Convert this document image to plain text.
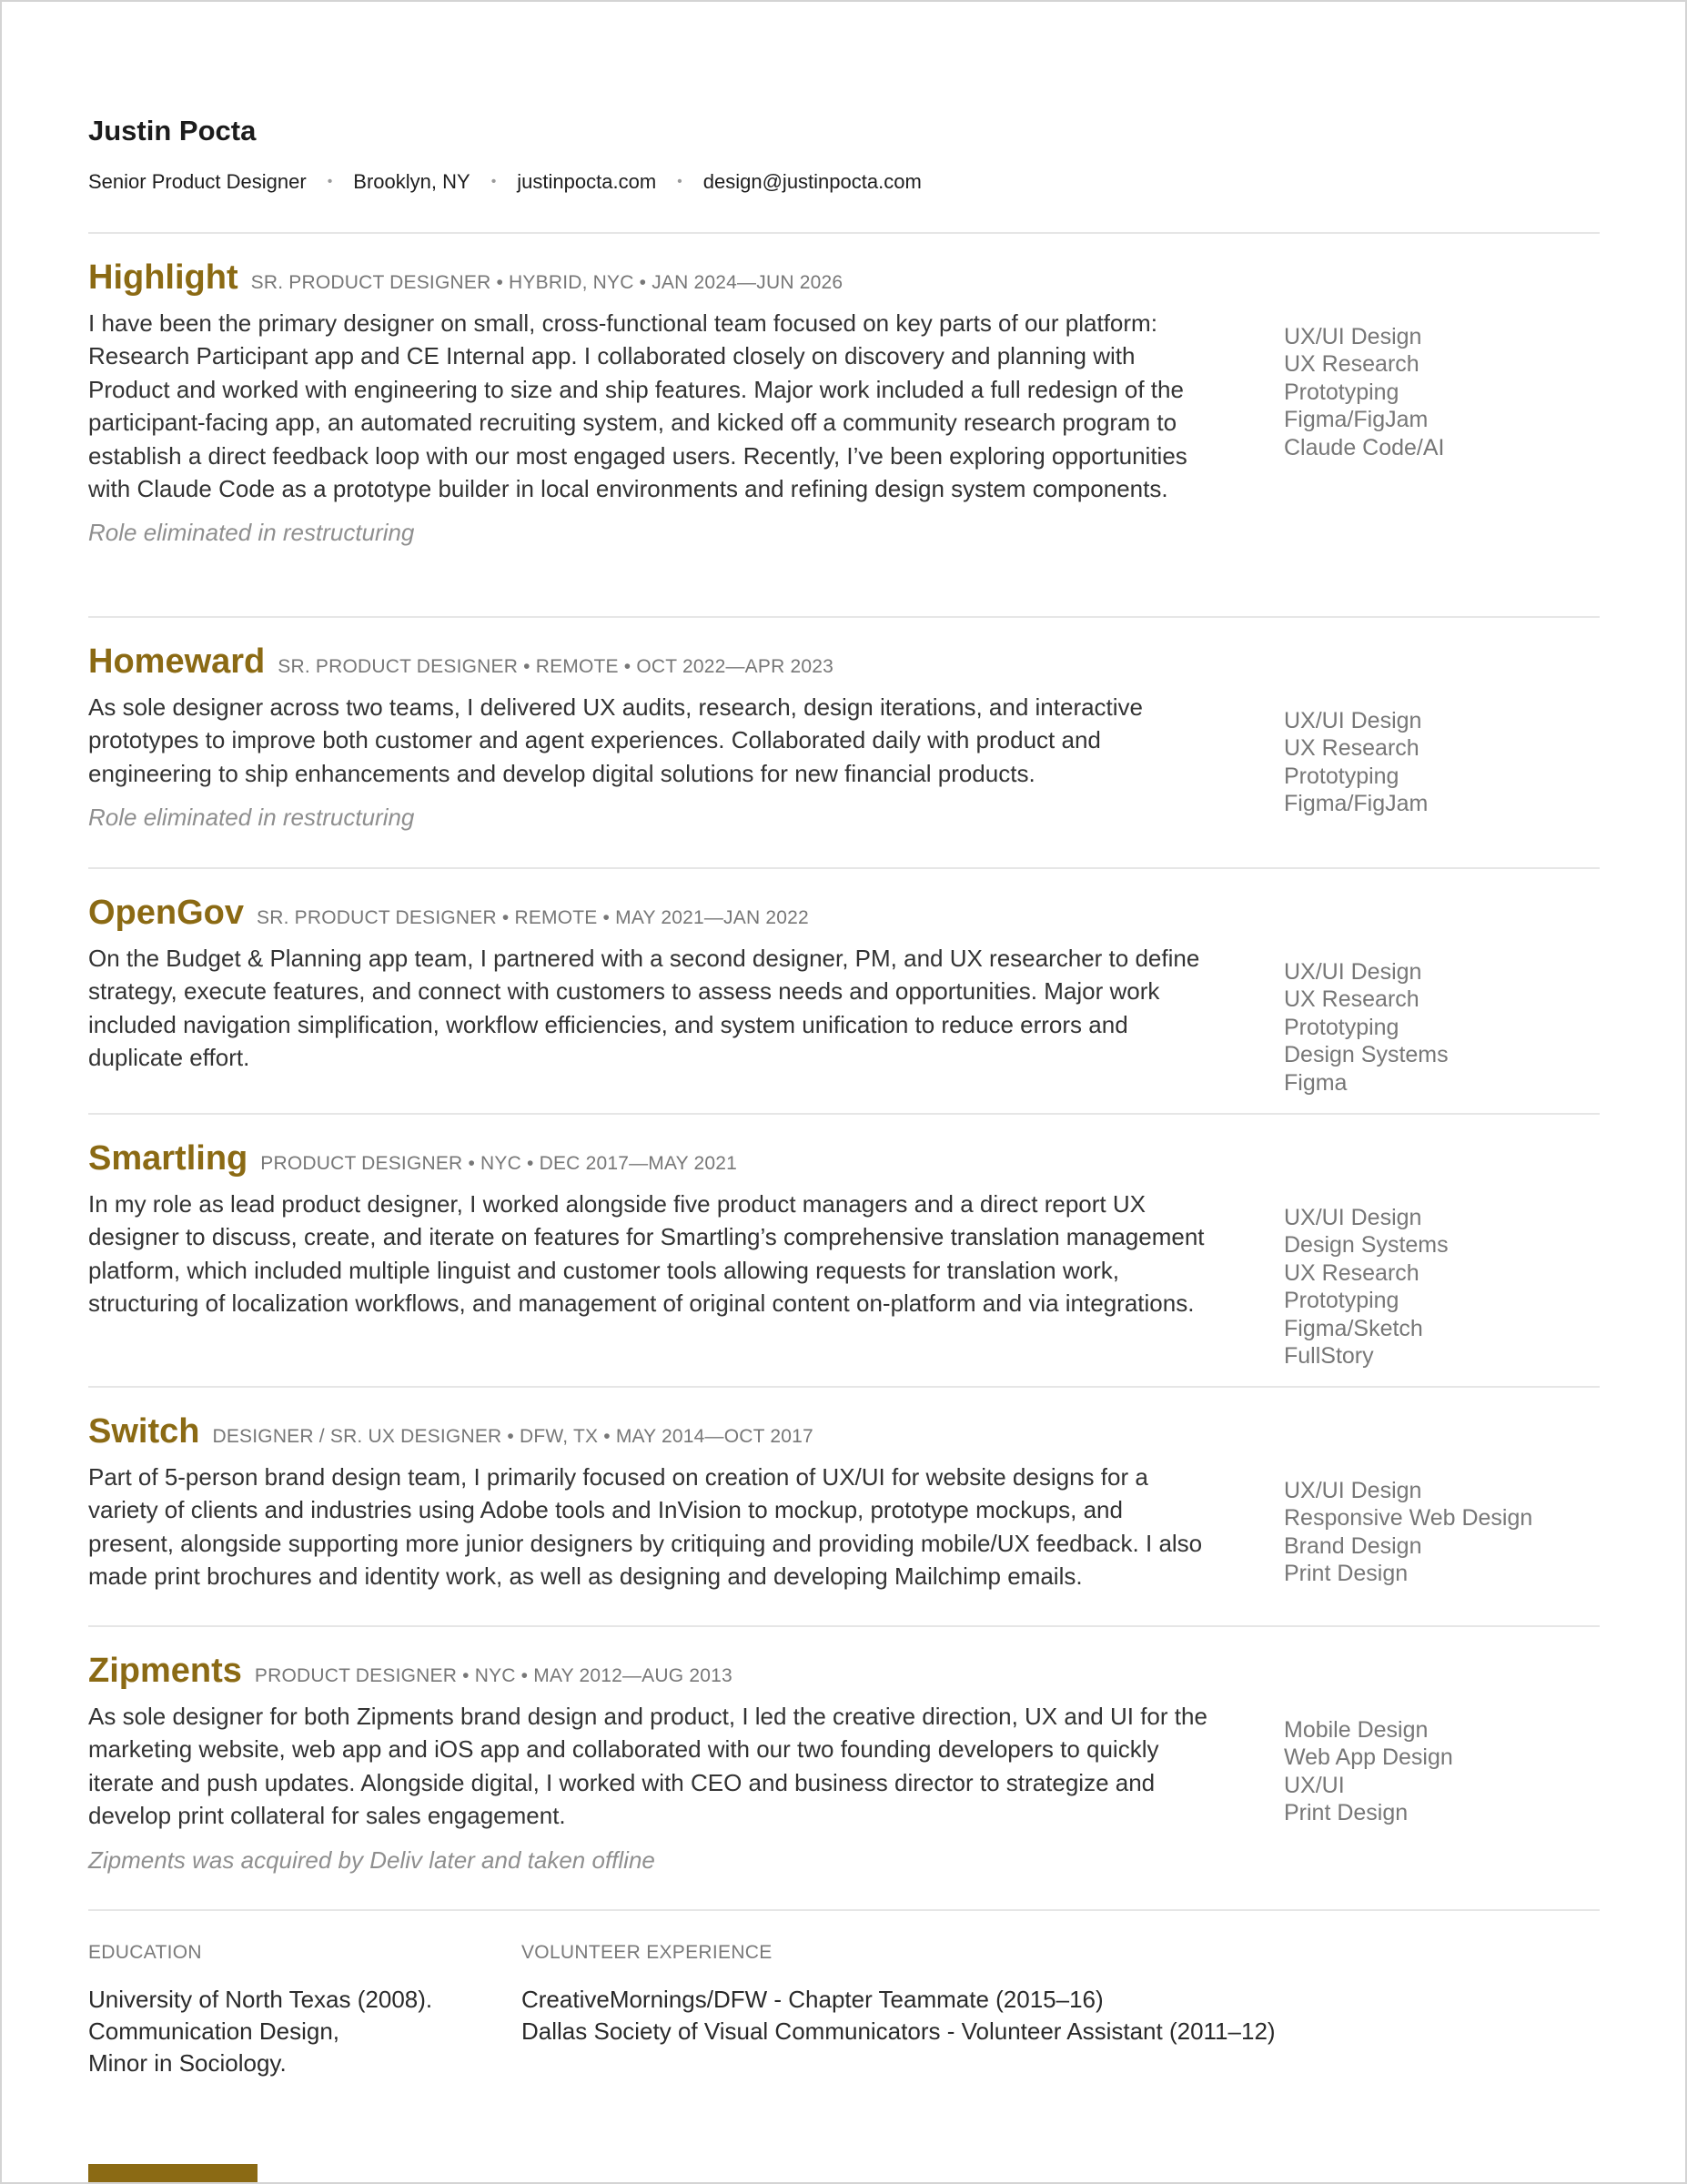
Justin Pocta
Senior Product Designer • Brooklyn, NY • justinpocta.com • design@justinpocta.com
Highlight SR. PRODUCT DESIGNER • HYBRID, NYC • JAN 2024—JUN 2026

I have been the primary designer on small, cross-functional team focused on key parts of our platform: Research Participant app and CE Internal app. I collaborated closely on discovery and planning with Product and worked with engineering to size and ship features. Major work included a full redesign of the participant-facing app, an automated recruiting system, and kicked off a community research program to establish a direct feedback loop with our most engaged users. Recently, I’ve been exploring opportunities with Claude Code as a prototype builder in local environments and refining design system components.

Role eliminated in restructuring

UX/UI Design
UX Research
Prototyping
Figma/FigJam
Claude Code/AI
Homeward SR. PRODUCT DESIGNER • REMOTE • OCT 2022—APR 2023

As sole designer across two teams, I delivered UX audits, research, design iterations, and interactive prototypes to improve both customer and agent experiences. Collaborated daily with product and engineering to ship enhancements and develop digital solutions for new financial products.

Role eliminated in restructuring

UX/UI Design
UX Research
Prototyping
Figma/FigJam
OpenGov SR. PRODUCT DESIGNER • REMOTE • MAY 2021—JAN 2022

On the Budget & Planning app team, I partnered with a second designer, PM, and UX researcher to define strategy, execute features, and connect with customers to assess needs and opportunities. Major work included navigation simplification, workflow efficiencies, and system unification to reduce errors and duplicate effort.

UX/UI Design
UX Research
Prototyping
Design Systems
Figma
Smartling PRODUCT DESIGNER • NYC • DEC 2017—MAY 2021

In my role as lead product designer, I worked alongside five product managers and a direct report UX designer to discuss, create, and iterate on features for Smartling’s comprehensive translation management platform, which included multiple linguist and customer tools allowing requests for translation work, structuring of localization workflows, and management of original content on-platform and via integrations.

UX/UI Design
Design Systems
UX Research
Prototyping
Figma/Sketch
FullStory
Switch DESIGNER / SR. UX DESIGNER • DFW, TX • MAY 2014—OCT 2017

Part of 5-person brand design team, I primarily focused on creation of UX/UI for website designs for a variety of clients and industries using Adobe tools and InVision to mockup, prototype mockups, and present, alongside supporting more junior designers by critiquing and providing mobile/UX feedback. I also made print brochures and identity work, as well as designing and developing Mailchimp emails.

UX/UI Design
Responsive Web Design
Brand Design
Print Design
Zipments PRODUCT DESIGNER • NYC • MAY 2012—AUG 2013

As sole designer for both Zipments brand design and product, I led the creative direction, UX and UI for the marketing website, web app and iOS app and collaborated with our two founding developers to quickly iterate and push updates. Alongside digital, I worked with CEO and business director to strategize and develop print collateral for sales engagement.

Zipments was acquired by Deliv later and taken offline

Mobile Design
Web App Design
UX/UI
Print Design

EDUCATION

University of North Texas (2008).
Communication Design,
Minor in Sociology.

VOLUNTEER EXPERIENCE

CreativeMornings/DFW - Chapter Teammate (2015–16)
Dallas Society of Visual Communicators - Volunteer Assistant (2011–12)
